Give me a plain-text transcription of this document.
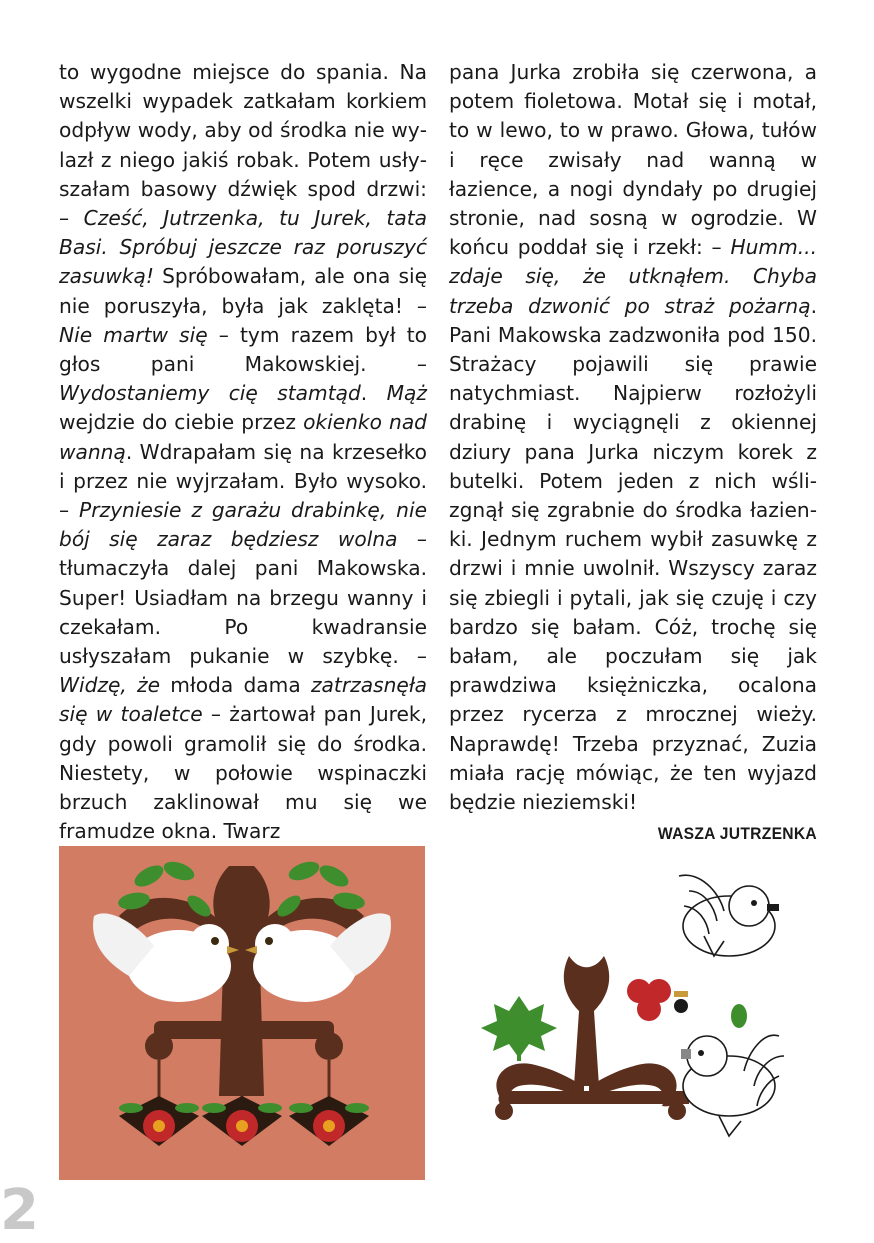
to wygodne miejsce do spania. Na wszelki wypadek zatkałam korkiem odpływ wody, aby od środka nie wylazł z niego jakiś robak. Potem usłyszałam basowy dźwięk spod drzwi: – Cześć, Jutrzenka, tu Jurek, tata Basi. Spróbuj jeszcze raz poruszyć zasuwką! Spróbowałam, ale ona się nie poruszyła, była jak zaklęta! – Nie martw się – tym razem był to głos pani Makowskiej. – Wydostaniemy cię stamtąd. Mąż wejdzie do ciebie przez okienko nad wanną. Wdrapałam się na krzesełko i przez nie wyjrzałam. Było wysoko. – Przyniesie z garażu drabinkę, nie bój się zaraz będziesz wolna – tłumaczyła dalej pani Makowska. Super! Usiadłam na brzegu wanny i czekałam. Po kwadransie usłyszałam pukanie w szybkę. – Widzę, że młoda dama zatrzasnęła się w toaletce – żartował pan Jurek, gdy powoli gramolił się do środka. Niestety, w połowie wspinaczki brzuch zaklinował mu się we framudze okna. Twarz

pana Jurka zrobiła się czerwona, a potem fioletowa. Motał się i motał, to w lewo, to w prawo. Głowa, tułów i ręce zwisały nad wanną w łazience, a nogi dyndały po drugiej stronie, nad sosną w ogrodzie. W końcu poddał się i rzekł: – Humm... zdaje się, że utknąłem. Chyba trzeba dzwonić po straż pożarną. Pani Makowska zadzwoniła pod 150. Strażacy pojawili się prawie natychmiast. Najpierw rozłożyli drabinę i wyciągnęli z okiennej dziury pana Jurka niczym korek z butelki. Potem jeden z nich wślizgnął się zgrabnie do środka łazienki. Jednym ruchem wybił zasuwkę z drzwi i mnie uwolnił. Wszyscy zaraz się zbiegli i pytali, jak się czuję i czy bardzo się bałam. Cóż, trochę się bałam, ale poczułam się jak prawdziwa księżniczka, ocalona przez rycerza z mrocznej wieży. Naprawdę! Trzeba przyznać, Zuzia miała rację mówiąc, że ten wyjazd będzie nieziemski!

WASZA JUTRZENKA
2
